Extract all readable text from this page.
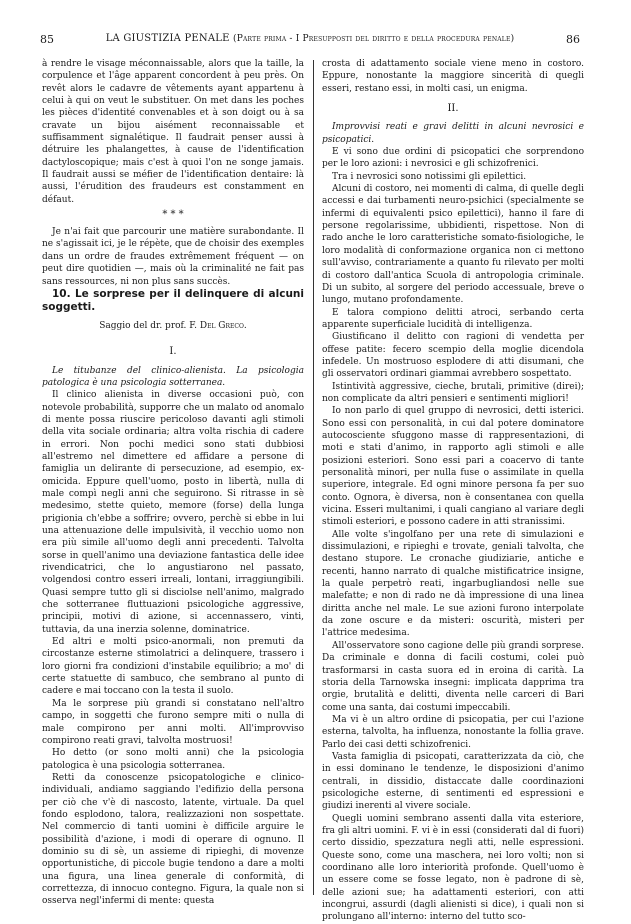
85	LA GIUSTIZIA PENALE (Parte prima - I Presupposti del diritto e della procedura penale)	86

à rendre le visage méconnaissable, alors que la taille, la corpulence et l'âge apparent concordent à peu près. On revêt alors le cadavre de vêtements ayant appartenu à celui à qui on veut le substituer. On met dans les poches les pièces d'identité convenables et à son doigt ou à sa cravate un bijou aisément reconnaissable et suffisamment signalétique. Il faudrait penser aussi à détruire les phalangettes, à cause de l'identification dactyloscopique; mais c'est à quoi l'on ne songe jamais. Il faudrait aussi se méfier de l'identification dentaire: là aussi, l'érudition des fraudeurs est constamment en défaut.

* * *

Je n'ai fait que parcourir une matière surabondante. Il ne s'agissait ici, je le répète, que de choisir des exemples dans un ordre de fraudes extrêmement fréquent — on peut dire quotidien —, mais où la criminalité ne fait pas sans ressources, ni non plus sans succès.

10. Le sorprese per il delinquere di alcuni soggetti.

Saggio del dr. prof. F. Del Greco.
I.

Le titubanze del clinico-alienista. La psicologia patologica è una psicologia sotterranea.

Il clinico alienista in diverse occasioni può, con notevole probabilità, supporre che un malato od anomalo di mente possa riuscire pericoloso davanti agli stimoli della vita sociale ordinaria; altra volta rischia di cadere in errori. Non pochi medici sono stati dubbiosi all'estremo nel dimettere ed affidare a persone di famiglia un delirante di persecuzione, ad esempio, ex-omicida. Eppure quell'uomo, posto in libertà, nulla di male compì negli anni che seguirono. Si ritrasse in sè medesimo, stette quieto, memore (forse) della lunga prigionia ch'ebbe a soffrire; ovvero, perchè si ebbe in lui una attenuazione delle impulsività, il vecchio uomo non era più simile all'uomo degli anni precedenti. Talvolta sorse in quell'animo una deviazione fantastica delle idee rivendicatrici, che lo angustiarono nel passato, volgendosi contro esseri irreali, lontani, irraggiungibili. Quasi sempre tutto gli si disciolse nell'animo, malgrado che sotterranee fluttuazioni psicologiche aggressive, principii, motivi di azione, si accennassero, vinti, tuttavia, da una inerzia solenne, dominatrice.

Ed altri e molti psico-anormali, non premuti da circostanze esterne stimolatrici a delinquere, trassero i loro giorni fra condizioni d'instabile equilibrio; a mo' di certe statuette di sambuco, che sembrano al punto di cadere e mai toccano con la testa il suolo.

Ma le sorprese più grandi si constatano nell'altro campo, in soggetti che furono sempre miti o nulla di male compirono per anni molti. All'improvviso compirono reati gravi, talvolta mostruosi!

Ho detto (or sono molti anni) che la psicologia patologica è una psicologia sotterranea.

Retti da conoscenze psicopatologiche e clinico-individuali, andiamo saggiando l'edifizio della persona per ciò che v'è di nascosto, latente, virtuale. Da quel fondo esplodono, talora, realizzazioni non sospettate. Nel commercio di tanti uomini è difficile arguire le possibilità d'azione, i modi di operare di ognuno. Il dominio su di sè, un assieme di ripieghi, di movenze opportunistiche, di piccole bugie tendono a dare a molti una figura, una linea generale di conformità, di correttezza, di innocuo contegno. Figura, la quale non si osserva negl'infermi di mente: questa

crosta di adattamento sociale viene meno in costoro. Eppure, nonostante la maggiore sincerità di quegli esseri, restano essi, in molti casi, un enigma.

II.

Improvvisi reati e gravi delitti in alcuni nevrosici e psicopatici.

E vi sono due ordini di psicopatici che sorprendono per le loro azioni: i nevrosici e gli schizofrenici.

Tra i nevrosici sono notissimi gli epilettici.

Alcuni di costoro, nei momenti di calma, di quelle degli accessi e dai turbamenti neuro-psichici (specialmente se infermi di equivalenti psico epilettici), hanno il fare di persone regolarissime, ubbidienti, rispettose. Non di rado anche le loro caratteristiche somato-fisiologiche, le loro modalità di conformazione organica non ci mettono sull'avviso, contrariamente a quanto fu rilevato per molti di costoro dall'antica Scuola di antropologia criminale. Di un subito, al sorgere del periodo accessuale, breve o lungo, mutano profondamente.

E talora compiono delitti atroci, serbando certa apparente superficiale lucidità di intelligenza.

Giustificano il delitto con ragioni di vendetta per offese patite: fecero scempio della moglie dicendola infedele. Un mostruoso esplodere di atti disumani, che gli osservatori ordinari giammai avrebbero sospettato.

Istintività aggressive, cieche, brutali, primitive (direi); non complicate da altri pensieri e sentimenti migliori!

Io non parlo di quel gruppo di nevrosici, detti isterici. Sono essi con personalità, in cui dal potere dominatore autocosciente sfuggono masse di rappresentazioni, di moti e stati d'animo, in rapporto agli stimoli e alle posizioni esteriori. Sono essi pari a coacervo di tante personalità minori, per nulla fuse o assimilate in quella superiore, integrale. Ed ogni minore persona fa per suo conto. Ognora, è diversa, non è consentanea con quella vicina. Esseri multanimi, i quali cangiano al variare degli stimoli esteriori, e possono cadere in atti stranissimi.

Alle volte s'ingolfano per una rete di simulazioni e dissimulazioni, e ripieghi e trovate, geniali talvolta, che destano stupore. Le cronache giudiziarie, antiche e recenti, hanno narrato di qualche mistificatrice insigne, la quale perpetrò reati, ingarbugliandosi nelle sue malefatte; e non di rado ne dà impressione di una linea diritta anche nel male. Le sue azioni furono interpolate da zone oscure e da misteri: oscurità, misteri per l'attrice medesima.

All'osservatore sono cagione delle più grandi sorprese. Da criminale e donna di facili costumi, colei può trasformarsi in casta suora ed in eroina di carità. La storia della Tarnowska insegni: implicata dapprima tra orgie, brutalità e delitti, diventa nelle carceri di Bari come una santa, dai costumi impeccabili.

Ma vi è un altro ordine di psicopatia, per cui l'azione esterna, talvolta, ha influenza, nonostante la follia grave. Parlo dei casi detti schizofrenici.

Vasta famiglia di psicopati, caratterizzata da ciò, che in essi dominano le tendenze, le disposizioni d'animo centrali, in dissidio, distaccate dalle coordinazioni psicologiche esterne, di sentimenti ed espressioni e giudizi inerenti al vivere sociale.

Quegli uomini sembrano assenti dalla vita esteriore, fra gli altri uomini. F. vi è in essi (considerati dal di fuori) certo dissidio, spezzatura negli atti, nelle espressioni. Queste sono, come una maschera, nei loro volti; non si coordinano alle loro interiorità profonde. Quell'uomo è un essere come se fosse legato, non è padrone di sè, delle azioni sue; ha adattamenti esteriori, con atti incongrui, assurdi (dagli alienisti si dice), i quali non si prolungano all'interno: interno del tutto sco-
